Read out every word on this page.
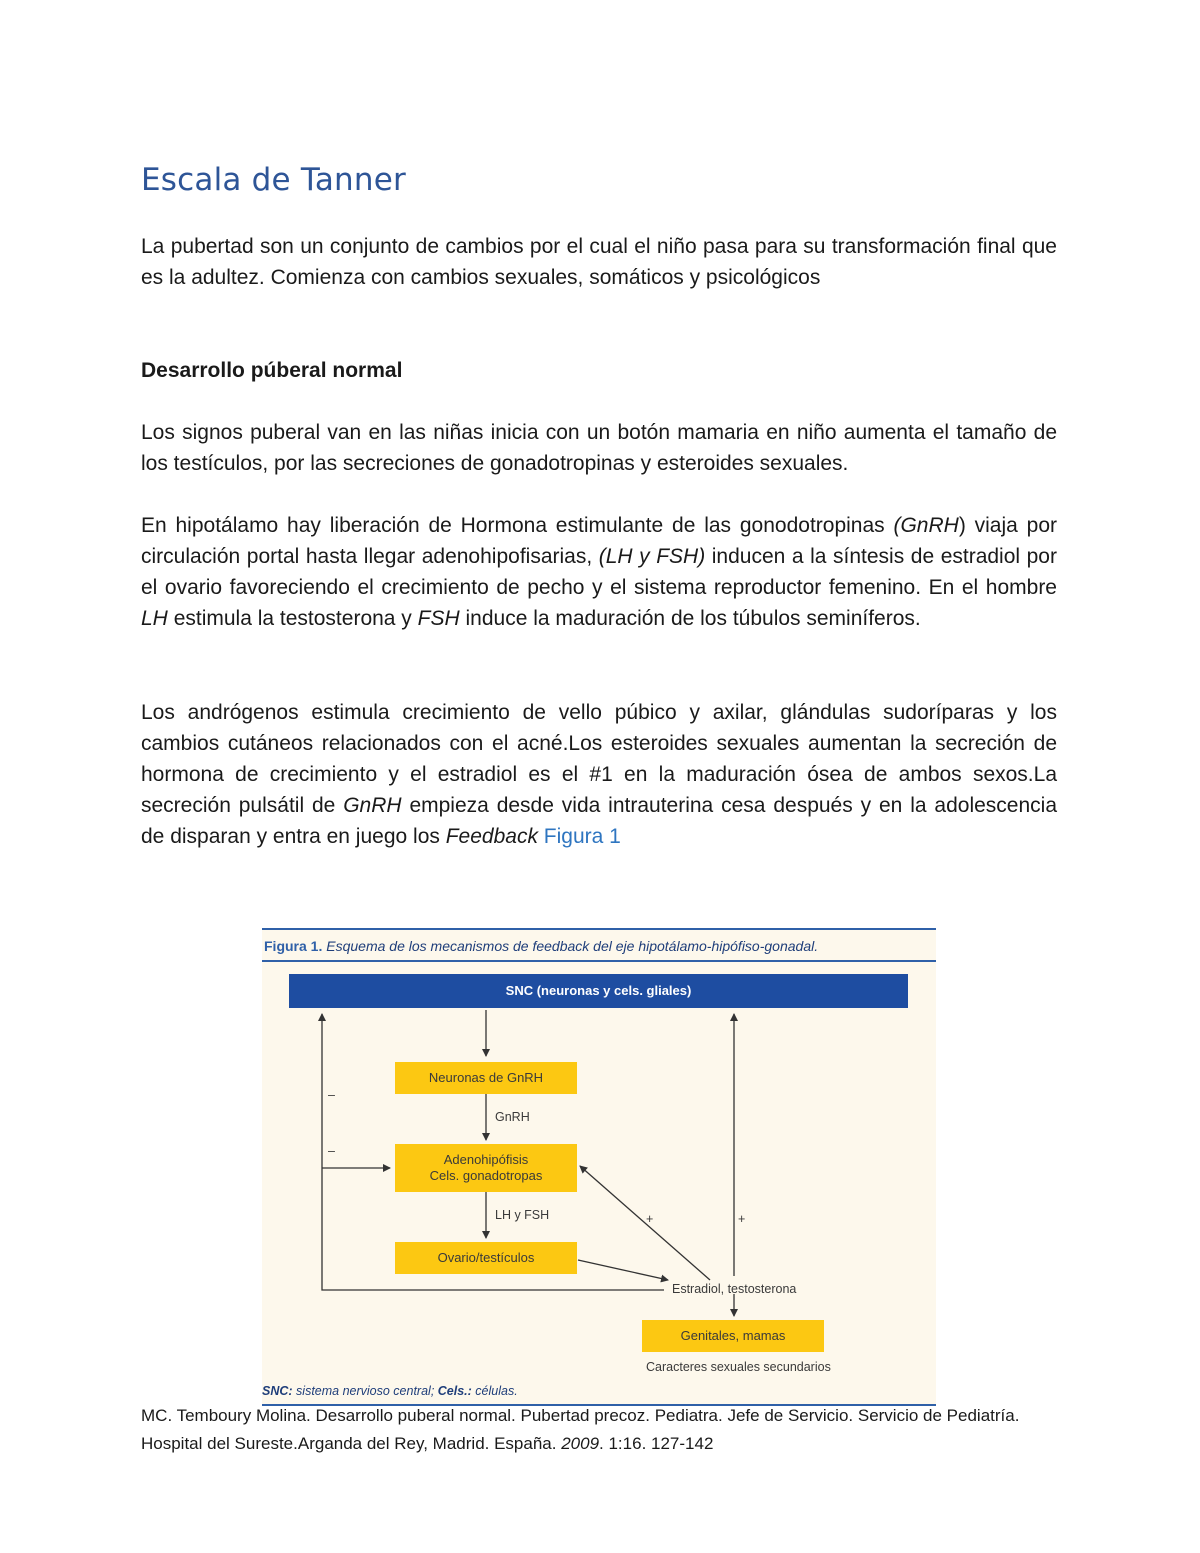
Escala de Tanner

La pubertad son un conjunto de cambios por el cual el niño pasa para su transformación final que es la adultez. Comienza con cambios sexuales, somáticos y psicológicos

Desarrollo púberal normal

Los signos puberal van en las niñas inicia con un botón mamaria en niño aumenta el tamaño de los testículos, por las secreciones de gonadotropinas y esteroides sexuales.

En hipotálamo hay liberación de Hormona estimulante de las gonodotropinas (GnRH) viaja por circulación portal hasta llegar adenohipofisarias, (LH y FSH) inducen a la síntesis de estradiol por el ovario favoreciendo el crecimiento de pecho y el sistema reproductor femenino. En el hombre LH estimula la testosterona y FSH induce la maduración de los túbulos seminíferos.

Los andrógenos estimula crecimiento de vello púbico y axilar, glándulas sudoríparas y los cambios cutáneos relacionados con el acné.Los esteroides sexuales aumentan la secreción de hormona de crecimiento y el estradiol es el #1 en la maduración ósea de ambos sexos.La secreción pulsátil de GnRH empieza desde vida intrauterina cesa después y en la adolescencia de disparan y entra en juego los Feedback Figura 1

MC. Temboury Molina. Desarrollo puberal normal. Pubertad precoz. Pediatra. Jefe de Servicio. Servicio de Pediatría. Hospital del Sureste.Arganda del Rey, Madrid. España. 2009. 1:16. 127-142

Figura 1. Esquema de los mecanismos de feedback del eje hipotálamo-hipófiso-gonadal.
SNC (neuronas y cels. gliales)
Neuronas de GnRH
GnRH
Adenohipófisis
Cels. gonadotropas
LH y FSH
Ovario/testículos
Estradiol, testosterona
Genitales, mamas
Caracteres sexuales secundarios
–
–
+	+
SNC: sistema nervioso central; Cels.: células.
